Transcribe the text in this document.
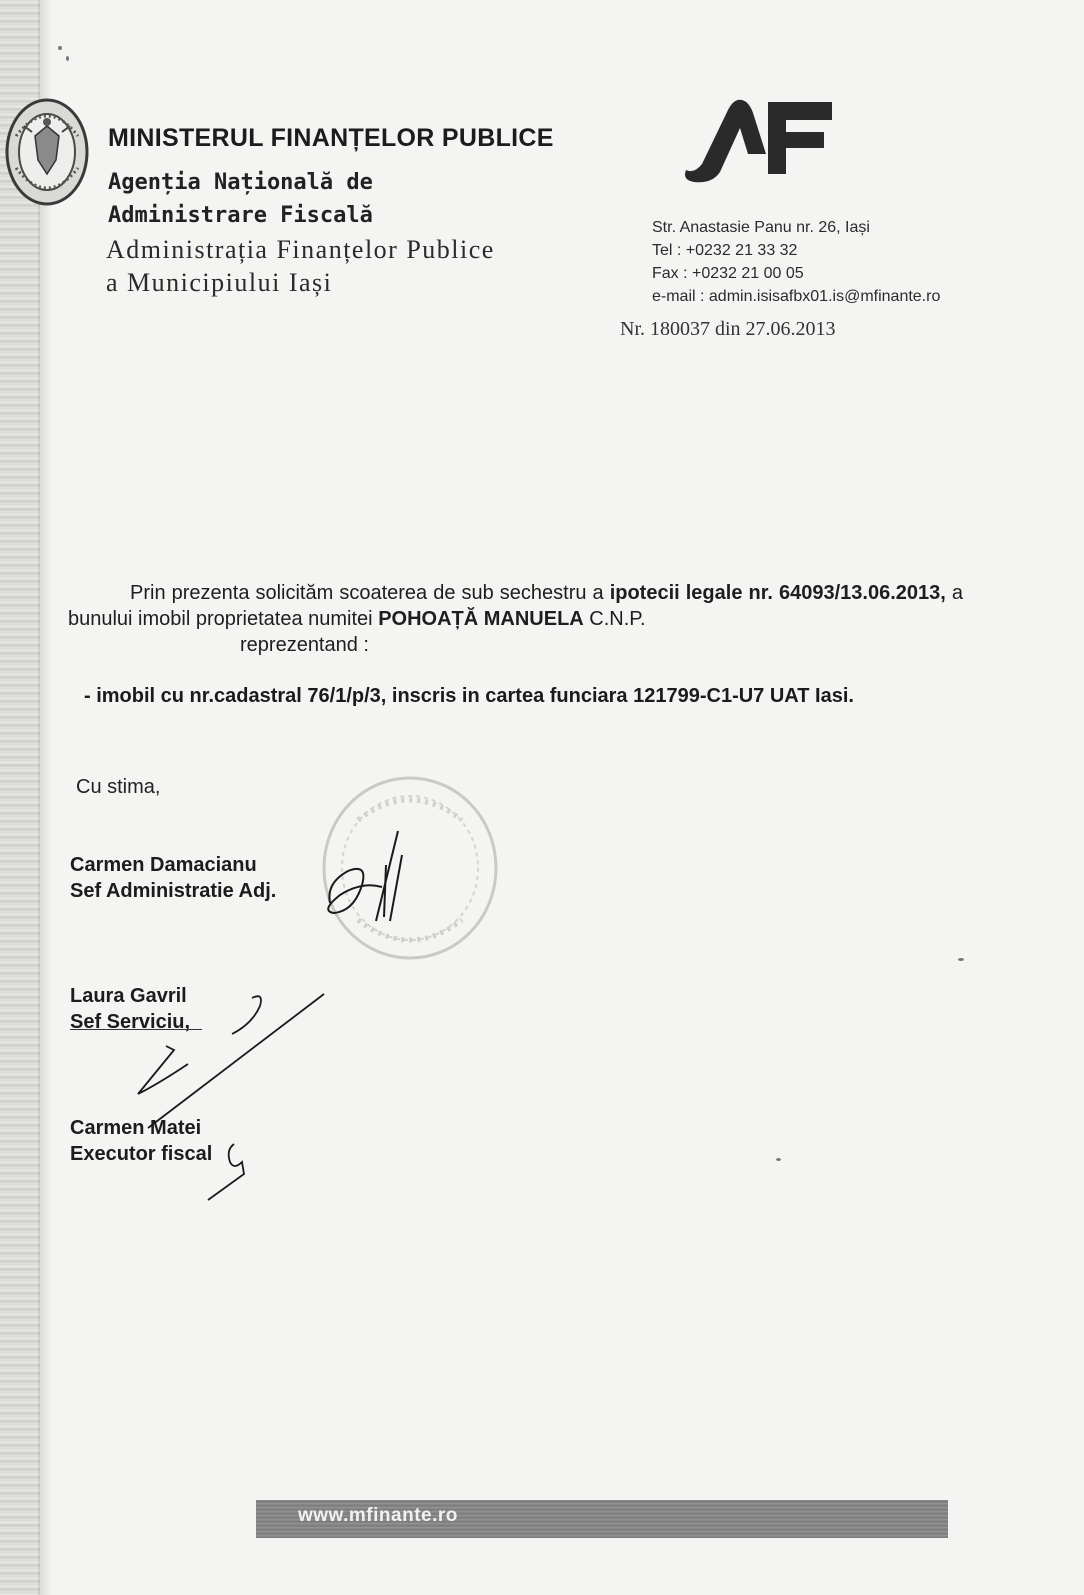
MINISTERUL FINANȚELOR PUBLICE
Agenția Națională de
Administrare Fiscală
Administrația Finanțelor Publice
a Municipiului Iași
Str. Anastasie Panu nr. 26, Iași
Tel : +0232 21 33 32
Fax : +0232 21 00 05
e-mail : admin.isisafbx01.is@mfinante.ro
Nr. 180037 din 27.06.2013

Prin prezenta solicităm scoaterea de sub sechestru a ipotecii legale nr. 64093/13.06.2013, a bunului imobil proprietatea numitei POHOAȚĂ MANUELA C.N.P.

reprezentand :

- imobil cu nr.cadastral 76/1/p/3, inscris in cartea funciara 121799-C1-U7 UAT Iasi.
Cu stima,
Carmen Damacianu
Sef Administratie Adj.
Laura Gavril
Sef Serviciu,
Carmen Matei
Executor fiscal
www.mfinante.ro
